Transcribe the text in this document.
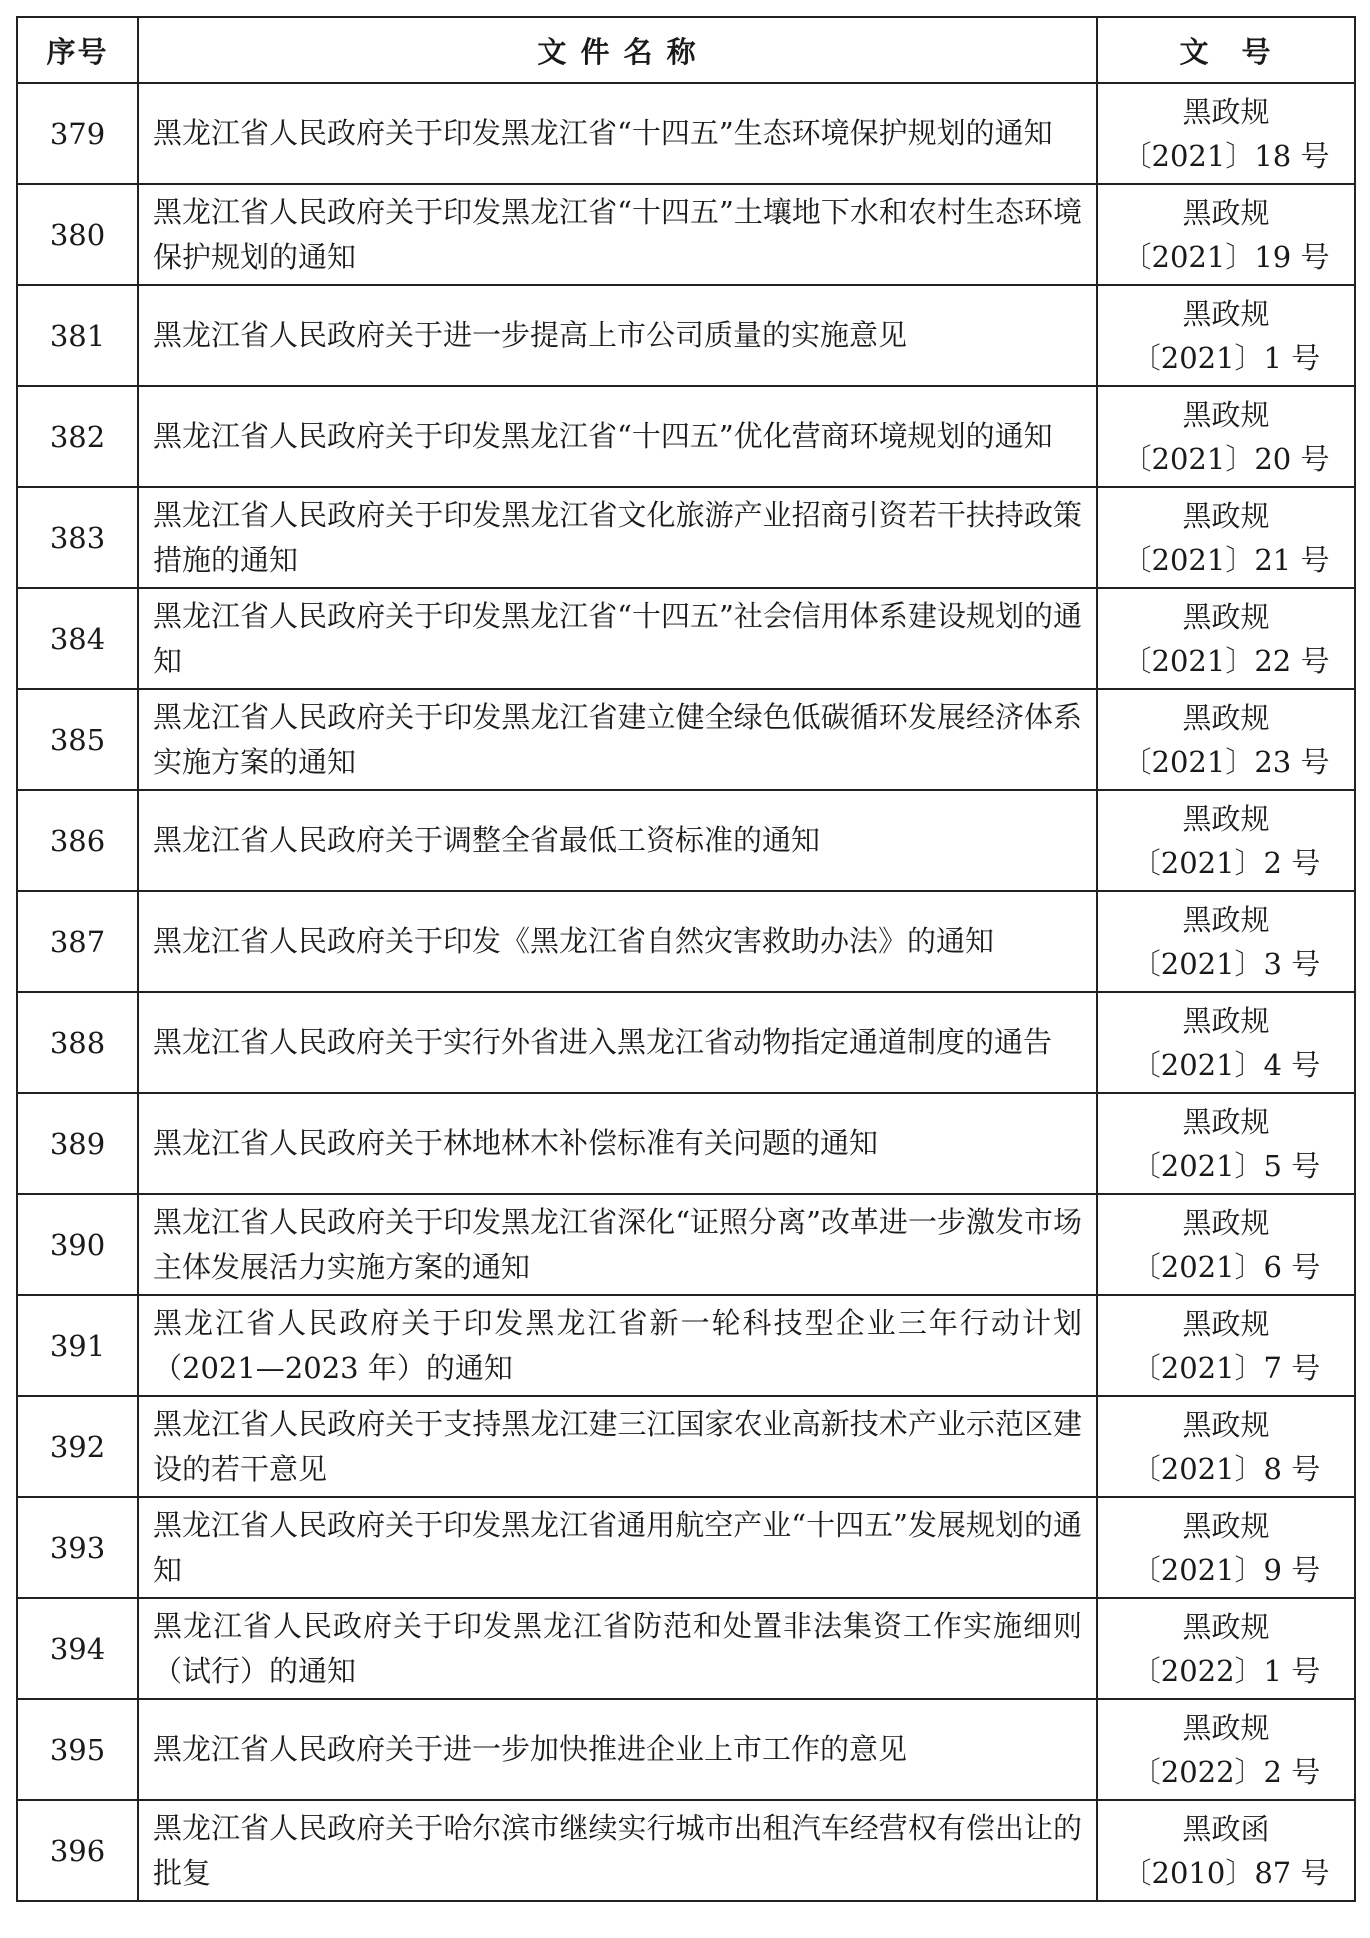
序号	文 件 名 称	文　号
379	黑龙江省人民政府关于印发黑龙江省“十四五”生态环境保护规划的通知	黑政规
〔2021〕18 号

380	黑龙江省人民政府关于印发黑龙江省“十四五”土壤地下水和农村生态环境保护规划的通知	黑政规
〔2021〕19 号

381	黑龙江省人民政府关于进一步提高上市公司质量的实施意见	黑政规
〔2021〕1 号

382	黑龙江省人民政府关于印发黑龙江省“十四五”优化营商环境规划的通知	黑政规
〔2021〕20 号

383	黑龙江省人民政府关于印发黑龙江省文化旅游产业招商引资若干扶持政策措施的通知	黑政规
〔2021〕21 号

384	黑龙江省人民政府关于印发黑龙江省“十四五”社会信用体系建设规划的通知	黑政规
〔2021〕22 号

385	黑龙江省人民政府关于印发黑龙江省建立健全绿色低碳循环发展经济体系实施方案的通知	黑政规
〔2021〕23 号

386	黑龙江省人民政府关于调整全省最低工资标准的通知	黑政规
〔2021〕2 号

387	黑龙江省人民政府关于印发《黑龙江省自然灾害救助办法》的通知	黑政规
〔2021〕3 号

388	黑龙江省人民政府关于实行外省进入黑龙江省动物指定通道制度的通告	黑政规
〔2021〕4 号

389	黑龙江省人民政府关于林地林木补偿标准有关问题的通知	黑政规
〔2021〕5 号

390	黑龙江省人民政府关于印发黑龙江省深化“证照分离”改革进一步激发市场主体发展活力实施方案的通知	黑政规
〔2021〕6 号

391	黑龙江省人民政府关于印发黑龙江省新一轮科技型企业三年行动计划（2021—2023 年）的通知	黑政规
〔2021〕7 号

392	黑龙江省人民政府关于支持黑龙江建三江国家农业高新技术产业示范区建设的若干意见	黑政规
〔2021〕8 号

393	黑龙江省人民政府关于印发黑龙江省通用航空产业“十四五”发展规划的通知	黑政规
〔2021〕9 号

394	黑龙江省人民政府关于印发黑龙江省防范和处置非法集资工作实施细则（试行）的通知	黑政规
〔2022〕1 号

395	黑龙江省人民政府关于进一步加快推进企业上市工作的意见	黑政规
〔2022〕2 号

396	黑龙江省人民政府关于哈尔滨市继续实行城市出租汽车经营权有偿出让的批复	黑政函
〔2010〕87 号
